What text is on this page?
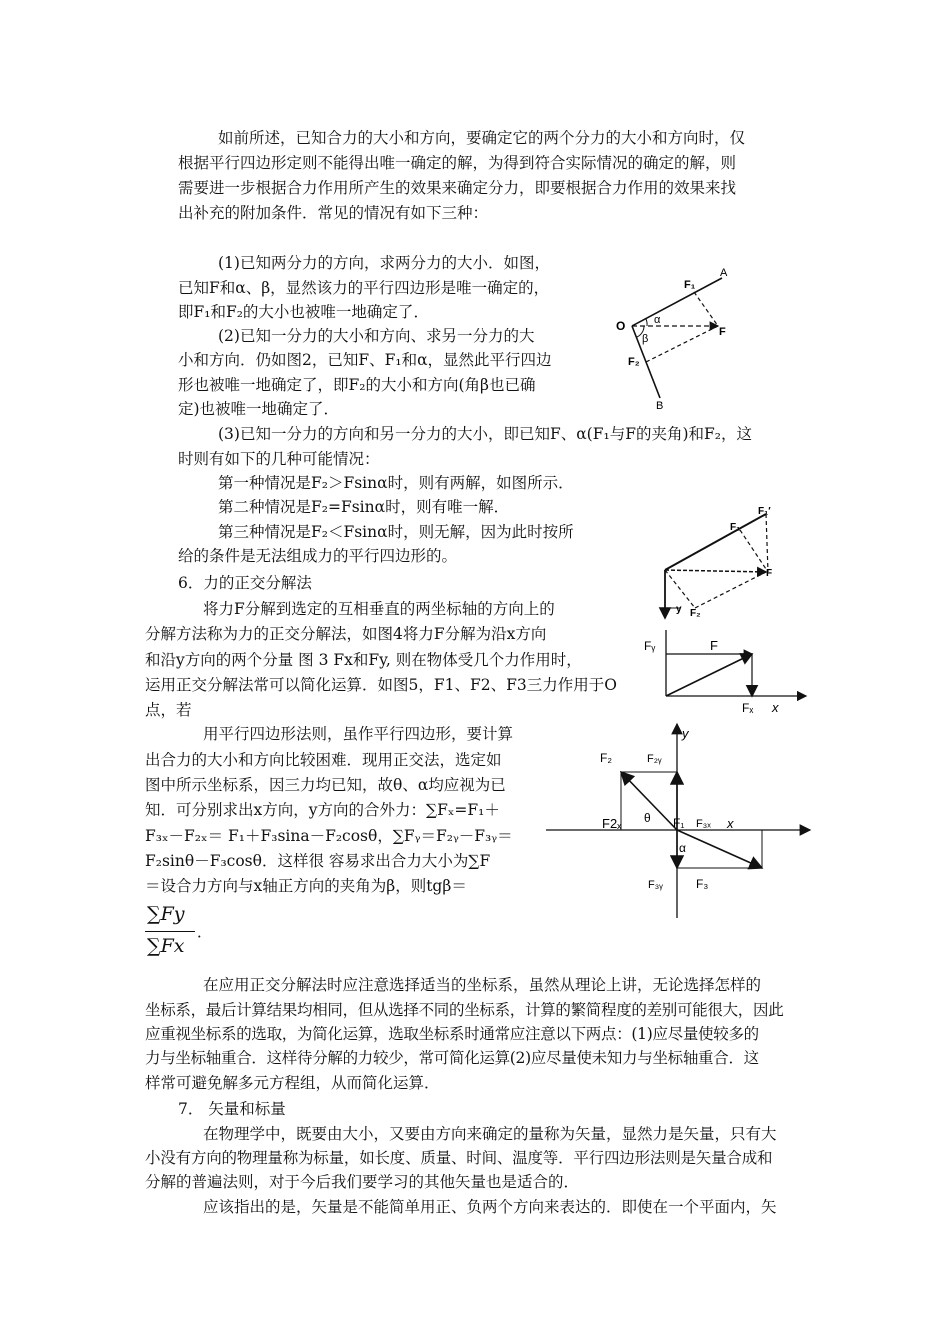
如前所述，已知合力的大小和方向，要确定它的两个分力的大小和方向时，仅
根据平行四边形定则不能得出唯一确定的解，为得到符合实际情况的确定的解，则
需要进一步根据合力作用所产生的效果来确定分力，即要根据合力作用的效果来找
出补充的附加条件．常见的情况有如下三种：
(1)已知两分力的方向，求两分力的大小．如图，
已知F和α、β，显然该力的平行四边形是唯一确定的，
即F₁和F₂的大小也被唯一地确定了．
(2)已知一分力的大小和方向、求另一分力的大
小和方向．仍如图2，已知F、F₁和α，显然此平行四边
形也被唯一地确定了，即F₂的大小和方向(角β也已确
定)也被唯一地确定了．
(3)已知一分力的方向和另一分力的大小，即已知F、α(F₁与F的夹角)和F₂，这
时则有如下的几种可能情况：
第一种情况是F₂＞Fsinα时，则有两解，如图所示．
第二种情况是F₂=Fsinα时，则有唯一解．
第三种情况是F₂＜Fsinα时，则无解，因为此时按所
给的条件是无法组成力的平行四边形的。
6．力的正交分解法
将力F分解到选定的互相垂直的两坐标轴的方向上的
分解方法称为力的正交分解法，如图4将力F分解为沿x方向
和沿y方向的两个分量 图 3 Fx和Fy, 则在物体受几个力作用时，
运用正交分解法常可以简化运算．如图5，F1、F2、F3三力作用于O
点，若
用平行四边形法则，虽作平行四边形，要计算
出合力的大小和方向比较困难．现用正交法，选定如
图中所示坐标系，因三力均已知，故θ、α均应视为已
知．可分别求出x方向，y方向的合外力：∑Fₓ=F₁＋
F₃ₓ－F₂ₓ＝ F₁＋F₃sina－F₂cosθ，∑Fᵧ＝F₂ᵧ－F₃ᵧ＝
F₂sinθ－F₃cosθ．这样很 容易求出合力大小为∑F
＝设合力方向与x轴正方向的夹角为β，则tgβ＝
∑Fy
∑Fx
．
在应用正交分解法时应注意选择适当的坐标系，虽然从理论上讲，无论选择怎样的
坐标系，最后计算结果均相同，但从选择不同的坐标系，计算的繁简程度的差别可能很大，因此
应重视坐标系的选取，为简化运算，选取坐标系时通常应注意以下两点：(1)应尽量使较多的
力与坐标轴重合．这样待分解的力较少，常可简化运算(2)应尽量使未知力与坐标轴重合．这
样常可避免解多元方程组，从而简化运算．
7． 矢量和标量
在物理学中，既要由大小，又要由方向来确定的量称为矢量，显然力是矢量，只有大
小没有方向的物理量称为标量，如长度、质量、时间、温度等．平行四边形法则是矢量合成和
分解的普遍法则，对于今后我们要学习的其他矢量也是适合的．
应该指出的是，矢量是不能简单用正、负两个方向来表达的．即使在一个平面内，矢
O
A
B
F
F₁
F₂
α
β
F₁
F₁′
F
F₂
y
Fᵧ	F
Fₓ x
y
x
F₂	F₂ᵧ
F2ₓ θ F₁ F₃ₓ
α
F₃ᵧ	F₃
